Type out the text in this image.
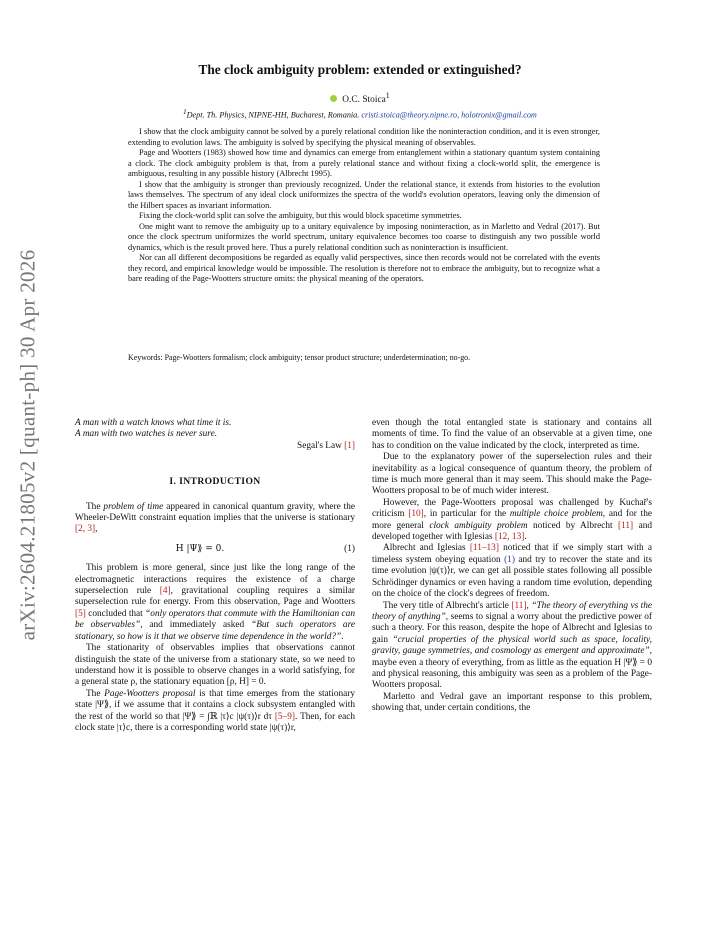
arXiv:2604.21805v2 [quant-ph] 30 Apr 2026
The clock ambiguity problem: extended or extinguished?
O.C. Stoica$^1$
$^1$Dept. Th. Physics, NIPNE-HH, Bucharest, Romania. cristi.stoica@theory.nipne.ro, holotronix@gmail.com

I show that the clock ambiguity cannot be solved by a purely relational condition like the noninteraction condition, and it is even stronger, extending to evolution laws. The ambiguity is solved by specifying the physical meaning of observables.

Page and Wootters (1983) showed how time and dynamics can emerge from entanglement within a stationary quantum system containing a clock. The clock ambiguity problem is that, from a purely relational stance and without fixing a clock-world split, the emergence is ambiguous, resulting in any possible history (Albrecht 1995).

I show that the ambiguity is stronger than previously recognized. Under the relational stance, it extends from histories to the evolution laws themselves. The spectrum of any ideal clock uniformizes the spectra of the world's evolution operators, leaving only the dimension of the Hilbert spaces as invariant information.

Fixing the clock-world split can solve the ambiguity, but this would block spacetime symmetries.

One might want to remove the ambiguity up to a unitary equivalence by imposing noninteraction, as in Marletto and Vedral (2017). But once the clock spectrum uniformizes the world spectrum, unitary equivalence becomes too coarse to distinguish any two possible world dynamics, which is the result proved here. Thus a purely relational condition such as noninteraction is insufficient.

Nor can all different decompositions be regarded as equally valid perspectives, since then records would not be correlated with the events they record, and empirical knowledge would be impossible. The resolution is therefore not to embrace the ambiguity, but to recognize what a bare reading of the Page-Wootters structure omits: the physical meaning of the operators.

Keywords: Page-Wootters formalism; clock ambiguity; tensor product structure; underdetermination; no-go.

A man with a watch knows what time it is.

A man with two watches is never sure.

Segal's Law [1]

I. INTRODUCTION

The problem of time appeared in canonical quantum gravity, where the Wheeler-DeWitt constraint equation implies that the universe is stationary [2, 3],

H |Ψ⟫ = 0.	(1)

This problem is more general, since just like the long range of the electromagnetic interactions requires the existence of a charge superselection rule [4], gravitational coupling requires a similar superselection rule for energy. From this observation, Page and Wootters [5] concluded that “only operators that commute with the Hamiltonian can be observables”, and immediately asked “But such operators are stationary, so how is it that we observe time dependence in the world?”.

The stationarity of observables implies that observations cannot distinguish the state of the universe from a stationary state, so we need to understand how it is possible to observe changes in a world satisfying, for a general state ρ, the stationary equation [ρ, H] = 0.

The Page-Wootters proposal is that time emerges from the stationary state |Ψ⟫, if we assume that it contains a clock subsystem entangled with the rest of the world so that |Ψ⟫ = ∫ℝ |τ⟩c |ψ(τ)⟩r dτ [5–9]. Then, for each clock state |τ⟩c, there is a corresponding world state |ψ(τ)⟩r,

even though the total entangled state is stationary and contains all moments of time. To find the value of an observable at a given time, one has to condition on the value indicated by the clock, interpreted as time.

Due to the explanatory power of the superselection rules and their inevitability as a logical consequence of quantum theory, the problem of time is much more general than it may seem. This should make the Page-Wootters proposal to be of much wider interest.

However, the Page-Wootters proposal was challenged by Kuchař's criticism [10], in particular for the multiple choice problem, and for the more general clock ambiguity problem noticed by Albrecht [11] and developed together with Iglesias [12, 13].

Albrecht and Iglesias [11–13] noticed that if we simply start with a timeless system obeying equation (1) and try to recover the state and its time evolution |ψ(τ)⟩r, we can get all possible states following all possible Schrödinger dynamics or even having a random time evolution, depending on the choice of the clock's degrees of freedom.

The very title of Albrecht's article [11], “The theory of everything vs the theory of anything”, seems to signal a worry about the predictive power of such a theory. For this reason, despite the hope of Albrecht and Iglesias to gain “crucial properties of the physical world such as space, locality, gravity, gauge symmetries, and cosmology as emergent and approximate”, maybe even a theory of everything, from as little as the equation H |Ψ⟫ = 0 and physical reasoning, this ambiguity was seen as a problem of the Page-Wootters proposal.

Marletto and Vedral gave an important response to this problem, showing that, under certain conditions, the
